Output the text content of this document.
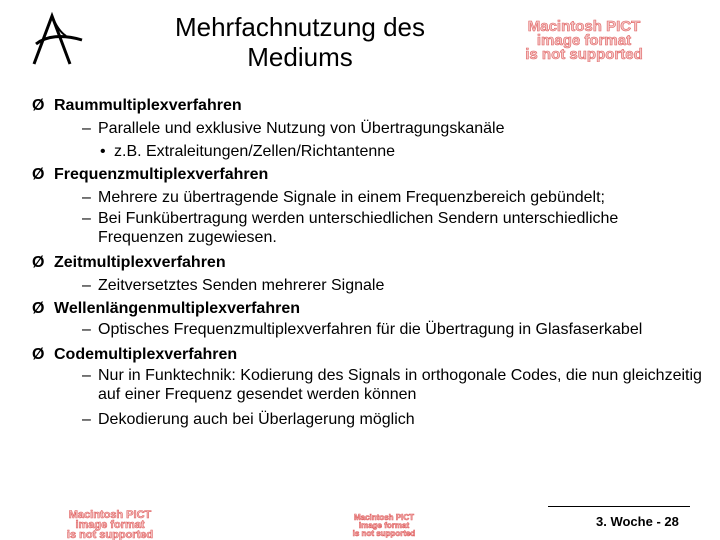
Mehrfachnutzung des
Mediums
Macintosh PICT
image format
is not supported
Macintosh PICT
image format
is not supported
Macintosh PICT
image format
is not supported
Ø Raummultiplexverfahren
– Parallele und exklusive Nutzung von Übertragungskanäle
• z.B. Extraleitungen/Zellen/Richtantenne
Ø Frequenzmultiplexverfahren
– Mehrere zu übertragende Signale in einem Frequenzbereich gebündelt;
– Bei Funkübertragung werden unterschiedlichen Sendern unterschiedliche Frequenzen zugewiesen.
Ø Zeitmultiplexverfahren
– Zeitversetztes Senden mehrerer Signale
Ø Wellenlängenmultiplexverfahren
– Optisches Frequenzmultiplexverfahren für die Übertragung in Glasfaserkabel
Ø Codemultiplexverfahren
– Nur in Funktechnik: Kodierung des Signals in orthogonale Codes, die nun gleichzeitig auf einer Frequenz gesendet werden können
– Dekodierung auch bei Überlagerung möglich
3. Woche - 28
